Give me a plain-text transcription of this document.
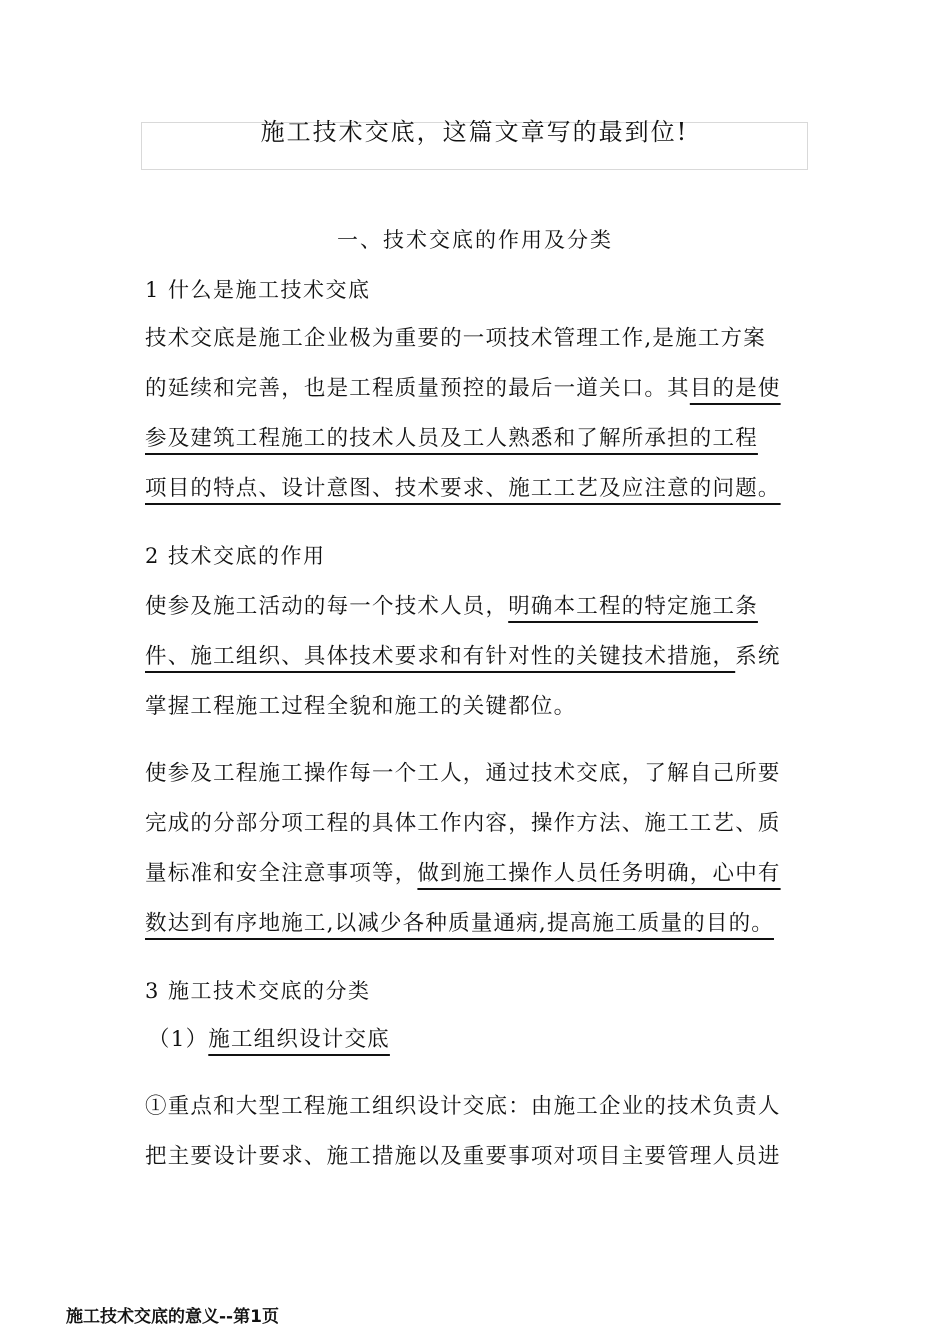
施工技术交底，这篇文章写的最到位!
一、技术交底的作用及分类
1 什么是施工技术交底
技术交底是施工企业极为重要的一项技术管理工作,是施工方案
的延续和完善，也是工程质量预控的最后一道关口。其目的是使
参及建筑工程施工的技术人员及工人熟悉和了解所承担的工程
项目的特点、设计意图、技术要求、施工工艺及应注意的问题。
2 技术交底的作用
使参及施工活动的每一个技术人员，明确本工程的特定施工条
件、施工组织、具体技术要求和有针对性的关键技术措施，系统
掌握工程施工过程全貌和施工的关键都位。
使参及工程施工操作每一个工人，通过技术交底，了解自己所要
完成的分部分项工程的具体工作内容，操作方法、施工工艺、质
量标准和安全注意事项等，做到施工操作人员任务明确，心中有
数达到有序地施工,以减少各种质量通病,提高施工质量的目的。
3 施工技术交底的分类
（1）施工组织设计交底
①重点和大型工程施工组织设计交底：由施工企业的技术负责人
把主要设计要求、施工措施以及重要事项对项目主要管理人员进
施工技术交底的意义--第1页
